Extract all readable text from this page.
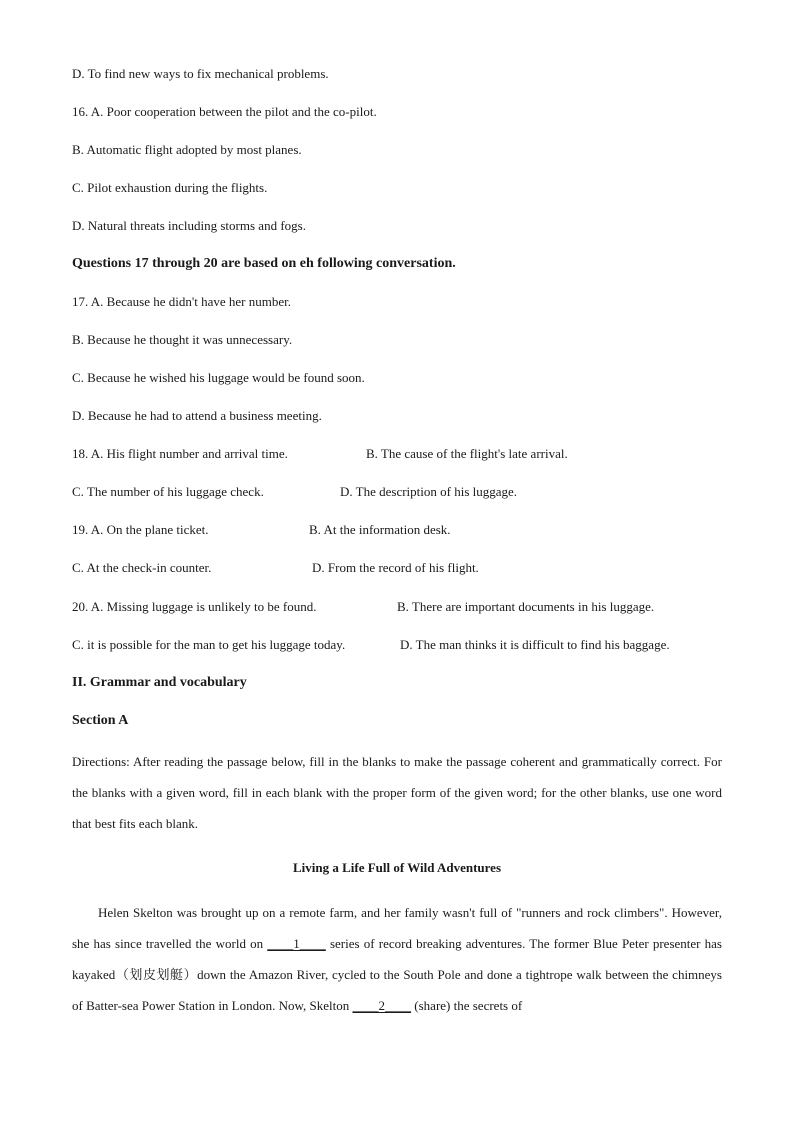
D. To find new ways to fix mechanical problems.
16. A. Poor cooperation between the pilot and the co-pilot.
B. Automatic flight adopted by most planes.
C. Pilot exhaustion during the flights.
D. Natural threats including storms and fogs.
Questions 17 through 20 are based on eh following conversation.
17. A. Because he didn't have her number.
B. Because he thought it was unnecessary.
C. Because he wished his luggage would be found soon.
D. Because he had to attend a business meeting.
18. A. His flight number and arrival time.	B. The cause of the flight's late arrival.
C. The number of his luggage check.	D. The description of his luggage.
19. A. On the plane ticket.	B. At the information desk.
C. At the check-in counter.	D. From the record of his flight.
20. A. Missing luggage is unlikely to be found.	B. There are important documents in his luggage.
C. it is possible for the man to get his luggage today.	D. The man thinks it is difficult to find his baggage.
II. Grammar and vocabulary
Section A
Directions: After reading the passage below, fill in the blanks to make the passage coherent and grammatically correct. For the blanks with a given word, fill in each blank with the proper form of the given word; for the other blanks, use one word that best fits each blank.
Living a Life Full of Wild Adventures
Helen Skelton was brought up on a remote farm, and her family wasn't full of "runners and rock climbers". However, she has since travelled the world on ____1____ series of record breaking adventures. The former Blue Peter presenter has kayaked（划皮划艇）down the Amazon River, cycled to the South Pole and done a tightrope walk between the chimneys of Batter-sea Power Station in London. Now, Skelton ____2____ (share) the secrets of
